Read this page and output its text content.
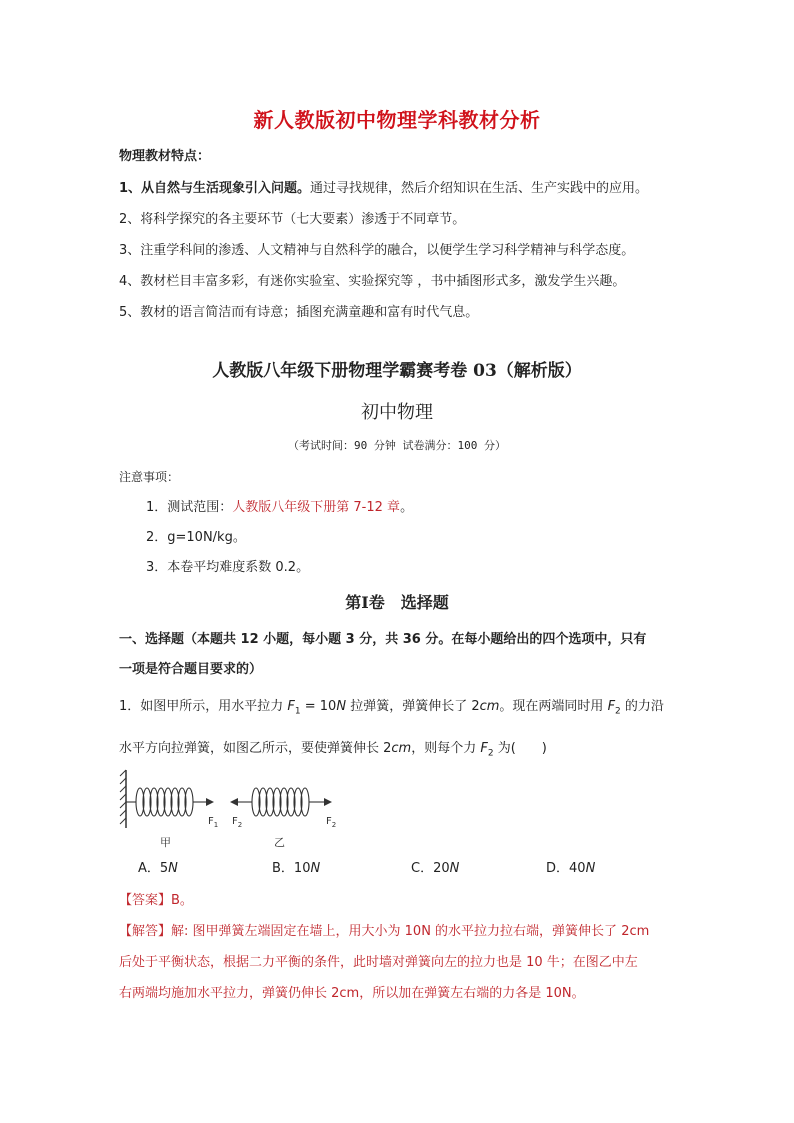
新人教版初中物理学科教材分析
物理教材特点：
1、从自然与生活现象引入问题。通过寻找规律，然后介绍知识在生活、生产实践中的应用。
2、将科学探究的各主要环节（七大要素）渗透于不同章节。
3、注重学科间的渗透、人文精神与自然科学的融合，以便学生学习科学精神与科学态度。
4、教材栏目丰富多彩，有迷你实验室、实验探究等 ，书中插图形式多，激发学生兴趣。
5、教材的语言简洁而有诗意；插图充满童趣和富有时代气息。
人教版八年级下册物理学霸赛考卷 03（解析版）
初中物理
（考试时间：90 分钟 试卷满分：100 分）
注意事项：
1．测试范围：人教版八年级下册第 7-12 章。
2．g=10N/kg。
3．本卷平均难度系数 0.2。
第Ⅰ卷　选择题
一、选择题（本题共 12 小题，每小题 3 分，共 36 分。在每小题给出的四个选项中，只有
一项是符合题目要求的）
1．如图甲所示，用水平拉力 $F_1 = 10N$ 拉弹簧，弹簧伸长了 2cm。现在两端同时用 $F_2$ 的力沿
水平方向拉弹簧，如图乙所示，要使弹簧伸长 2cm，则每个力 $F_2$ 为(　　)
$F_1$ $F_2$	$F_2$
甲	乙
A．5N	B．10N	C．20N	D．40N
【答案】B。
【解答】解: 图甲弹簧左端固定在墙上，用大小为 10N 的水平拉力拉右端，弹簧伸长了 2cm
后处于平衡状态，根据二力平衡的条件，此时墙对弹簧向左的拉力也是 10 牛；在图乙中左
右两端均施加水平拉力，弹簧仍伸长 2cm，所以加在弹簧左右端的力各是 10N。
